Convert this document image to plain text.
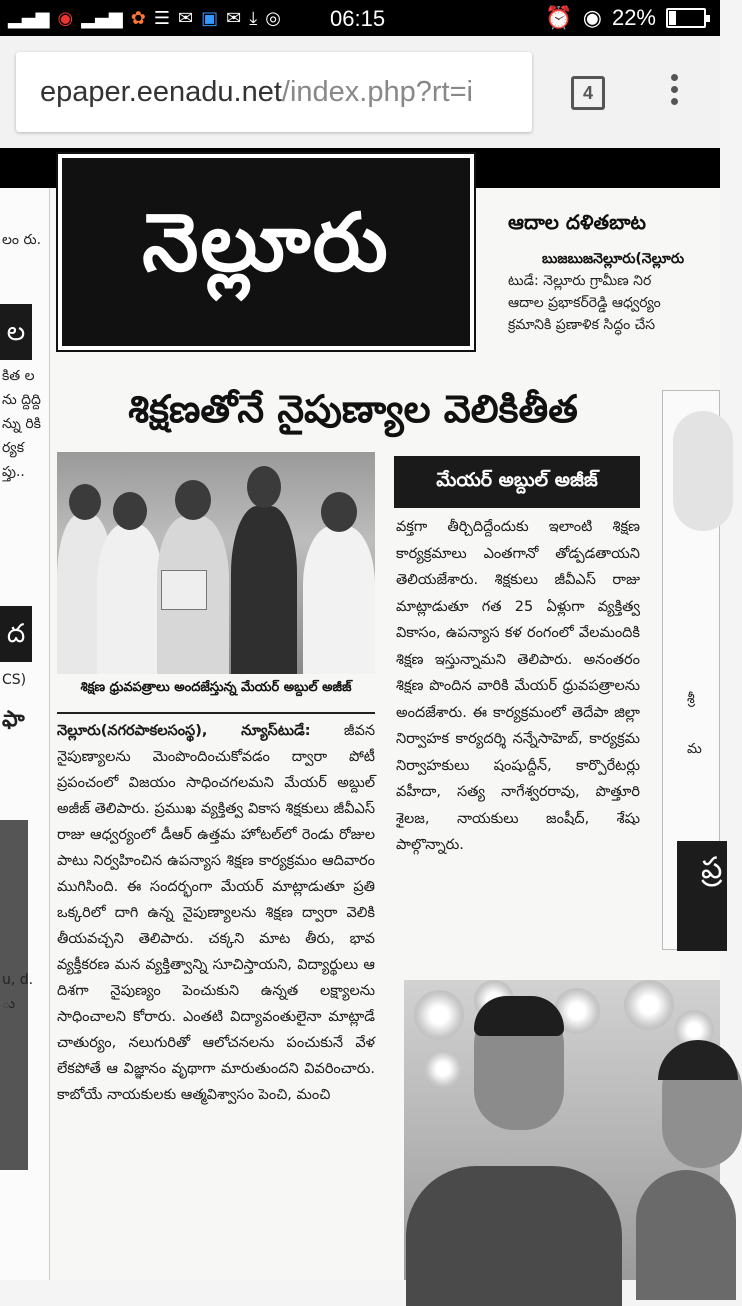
▂▄▆ ◉ ▂▄▆ ✿ ☰ ✉ ▣ ✉ ⤓ ◎ 06:15	⏰ ◉ 22%
epaper.eenadu.net /index.php?rt=i	4
లం రు.
ల
కిత లను ద్దిద్ది న్ను రికి ర్యక ప్తు..
ద
CS)
ఫా
u, d. ు
నెల్లూరు	ఆదాల దళితబాట
బుజబుజనెల్లూరు(నెల్లూరు
టుడే: నెల్లూరు గ్రామీణ నిర
ఆదాల ప్రభాకర్‌రెడ్డి ఆధ్వర్యం
క్రమానికి ప్రణాళిక సిద్ధం చేస
శిక్షణతోనే నైపుణ్యాల వెలికితీత
మేయర్ అబ్దుల్ అజీజ్
శిక్షణ ధ్రువపత్రాలు అందజేస్తున్న మేయర్ అబ్దుల్ అజీజ్
నెల్లూరు(నగరపాకలసంస్థ), న్యూస్‌టుడే: జీవన నైపుణ్యాలను మెంపొందించుకోవడం ద్వారా పోటీ ప్రపంచంలో విజయం సాధించగలమని మేయర్ అబ్దుల్ అజీజ్ తెలిపారు. ప్రముఖ వ్యక్తిత్వ వికాస శిక్షకులు జీవీఎస్ రాజు ఆధ్వర్యంలో డీఆర్ ఉత్తమ హోటల్‌లో రెండు రోజుల పాటు నిర్వహించిన ఉపన్యాస శిక్షణ కార్యక్రమం ఆదివారం ముగిసింది. ఈ సందర్భంగా మేయర్ మాట్లాడుతూ ప్రతి ఒక్కరిలో దాగి ఉన్న నైపుణ్యాలను శిక్షణ ద్వారా వెలికి తీయవచ్చని తెలిపారు. చక్కని మాట తీరు, భావ వ్యక్తీకరణ మన వ్యక్తిత్వాన్ని సూచిస్తాయని, విద్యార్థులు ఆ దిశగా నైపుణ్యం పెంచుకుని ఉన్నత లక్ష్యాలను సాధించాలని కోరారు. ఎంతటి విద్యావంతులైనా మాట్లాడే చాతుర్యం, నలుగురితో ఆలోచనలను పంచుకునే వేళ లేకపోతే ఆ విజ్ఞానం వృథాగా మారుతుందని వివరించారు. కాబోయే నాయకులకు ఆత్మవిశ్వాసం పెంచి, మంచి
వక్తగా తీర్చిదిద్దేందుకు ఇలాంటి శిక్షణ కార్యక్రమాలు ఎంతగానో తోడ్పడతాయని తెలియజేశారు. శిక్షకులు జీవీఎస్ రాజు మాట్లాడుతూ గత 25 ఏళ్లుగా వ్యక్తిత్వ వికాసం, ఉపన్యాస కళ రంగంలో వేలమందికి శిక్షణ ఇస్తున్నామని తెలిపారు. అనంతరం శిక్షణ పొందిన వారికి మేయర్ ధ్రువపత్రాలను అందజేశారు. ఈ కార్యక్రమంలో తెదేపా జిల్లా నిర్వాహక కార్యదర్శి నన్నేసాహెబ్, కార్యక్రమ నిర్వాహకులు షంషుద్దీన్, కార్పొరేటర్లు వహీదా, సత్య నాగేశ్వరరావు, పొత్తూరి శైలజ, నాయకులు జంషీద్, శేషు పాల్గొన్నారు.
శ్రీ
మ
ప్ర
